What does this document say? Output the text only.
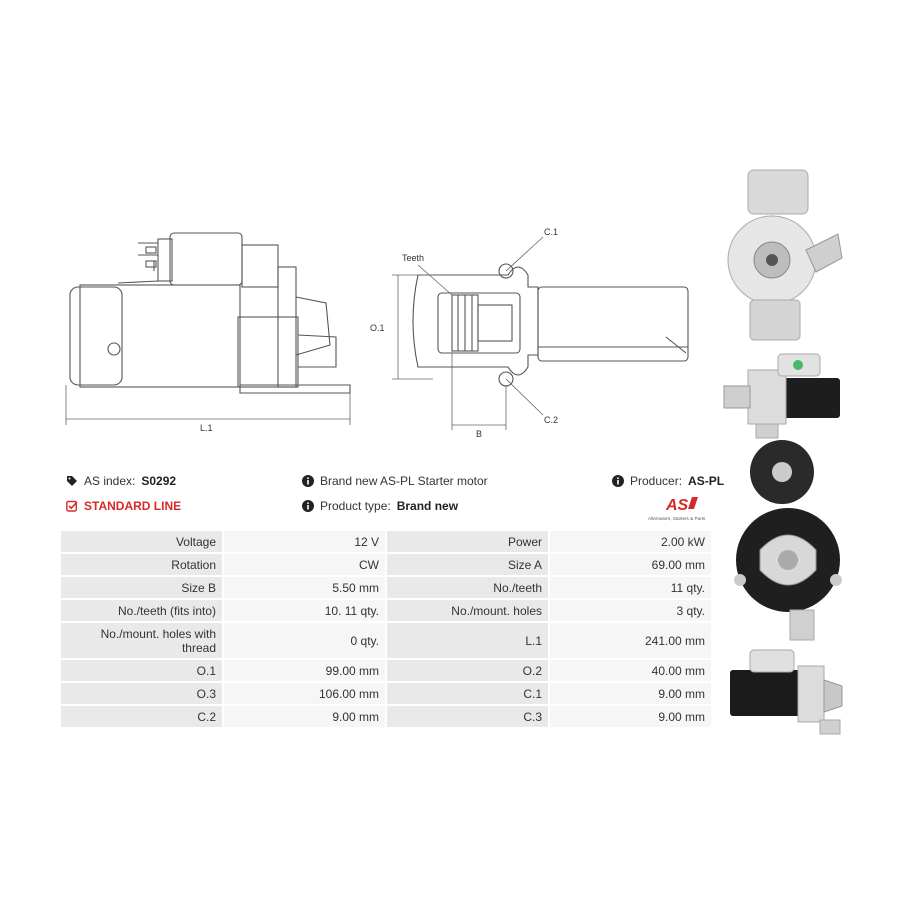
L.1
Teeth
C.1
C.2
O.1
B
AS index: S0292	Brand new AS-PL Starter motor	Producer: AS-PL
STANDARD LINE	Product type: Brand new	AS
Alternators, Starters & Parts
Voltage	12 V	Power	2.00 kW
Rotation	CW	Size A	69.00 mm
Size B	5.50 mm	No./teeth	11 qty.
No./teeth (fits into)	10. 11 qty.	No./mount. holes	3 qty.
No./mount. holes with thread	0 qty.	L.1	241.00 mm
O.1	99.00 mm	O.2	40.00 mm
O.3	106.00 mm	C.1	9.00 mm
C.2	9.00 mm	C.3	9.00 mm
